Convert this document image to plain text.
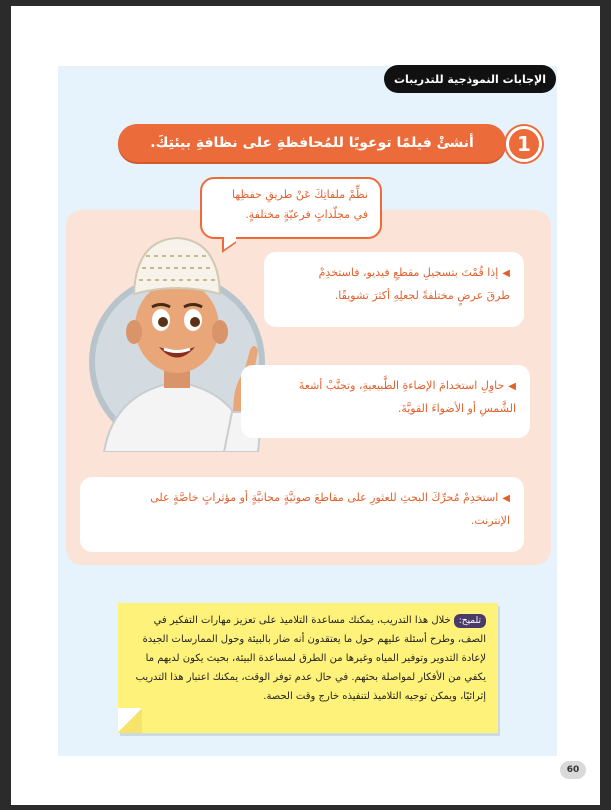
الإجابات النموذجية للتدريبات
أنشئْ فيلمًا توعويًا للمُحافظةِ على نظافةِ بيئتِكَ.	1
نظِّمْ ملفاتِكَ عَنْ طريقِ حفظِها
في مجلّداتٍ فرعيّةٍ مختلفةٍ.
◀إذا قُمْتَ بتسجيلِ مقطعِ فيديو، فاستخدِمْ
طرقَ عرضٍ مختلفةً لجعلِهِ أكثرَ تشويقًا.
◀حاوِلِ استخدامَ الإضاءةِ الطَّبيعيةِ، وتجنَّبْ أشعةَ
الشَّمسِ أو الأضواءَ القويَّةَ.
◀استخدِمْ مُحرِّكَ البحثِ للعثورِ على مقاطعَ صوتيَّةٍ مجانيَّةٍ أو مؤثراتٍ خاصَّةٍ على
الإنترنت.
تلميح:خلال هذا التدريب، يمكنك مساعدة التلاميذ على تعزيز مهارات التفكير في الصف، وطرح أسئلة عليهم حول ما يعتقدون أنه ضار بالبيئة وحول الممارسات الجيدة لإعادة التدوير وتوفير المياه وغيرها من الطرق لمساعدة البيئة، بحيث يكون لديهم ما يكفي من الأفكار لمواصلة بحثهم. في حال عدم توفر الوقت، يمكنك اعتبار هذا التدريب إثرائيًا، ويمكن توجيه التلاميذ لتنفيذه خارج وقت الحصة.
60
